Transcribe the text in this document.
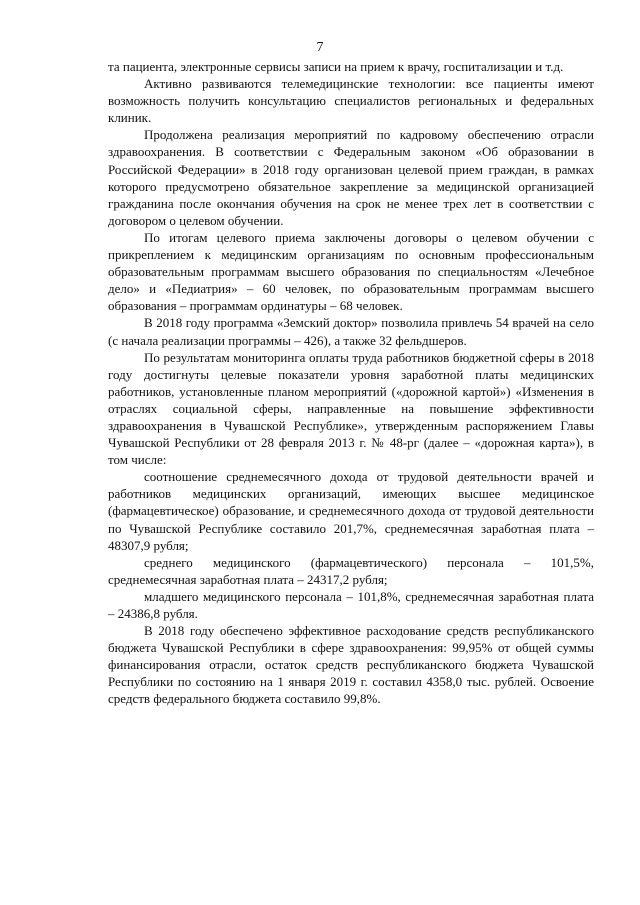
7

та пациента, электронные сервисы записи на прием к врачу, госпитализации и т.д.

Активно развиваются телемедицинские технологии: все пациенты имеют возможность получить консультацию специалистов региональных и федеральных клиник.

Продолжена реализация мероприятий по кадровому обеспечению отрасли здравоохранения. В соответствии с Федеральным законом «Об образовании в Российской Федерации» в 2018 году организован целевой прием граждан, в рамках которого предусмотрено обязательное закрепление за медицинской организацией гражданина после окончания обучения на срок не менее трех лет в соответствии с договором о целевом обучении.

По итогам целевого приема заключены договоры о целевом обучении с прикреплением к медицинским организациям по основным профессиональным образовательным программам высшего образования по специальностям «Лечебное дело» и «Педиатрия» – 60 человек, по образовательным программам высшего образования – программам ординатуры – 68 человек.

В 2018 году программа «Земский доктор» позволила привлечь 54 врачей на село (с начала реализации программы – 426), а также 32 фельдшеров.

По результатам мониторинга оплаты труда работников бюджетной сферы в 2018 году достигнуты целевые показатели уровня заработной платы медицинских работников, установленные планом мероприятий («дорожной картой») «Изменения в отраслях социальной сферы, направленные на повышение эффективности здравоохранения в Чувашской Республике», утвержденным распоряжением Главы Чувашской Республики от 28 февраля 2013 г. № 48-рг (далее – «дорожная карта»), в том числе:

соотношение среднемесячного дохода от трудовой деятельности врачей и работников медицинских организаций, имеющих высшее медицинское (фармацевтическое) образование, и среднемесячного дохода от трудовой деятельности по Чувашской Республике составило 201,7%, среднемесячная заработная плата – 48307,9 рубля;

среднего медицинского (фармацевтического) персонала – 101,5%, среднемесячная заработная плата – 24317,2 рубля;

младшего медицинского персонала – 101,8%, среднемесячная заработная плата – 24386,8 рубля.

В 2018 году обеспечено эффективное расходование средств республиканского бюджета Чувашской Республики в сфере здравоохранения: 99,95% от общей суммы финансирования отрасли, остаток средств республиканского бюджета Чувашской Республики по состоянию на 1 января 2019 г. составил 4358,0 тыс. рублей. Освоение средств федерального бюджета составило 99,8%.
